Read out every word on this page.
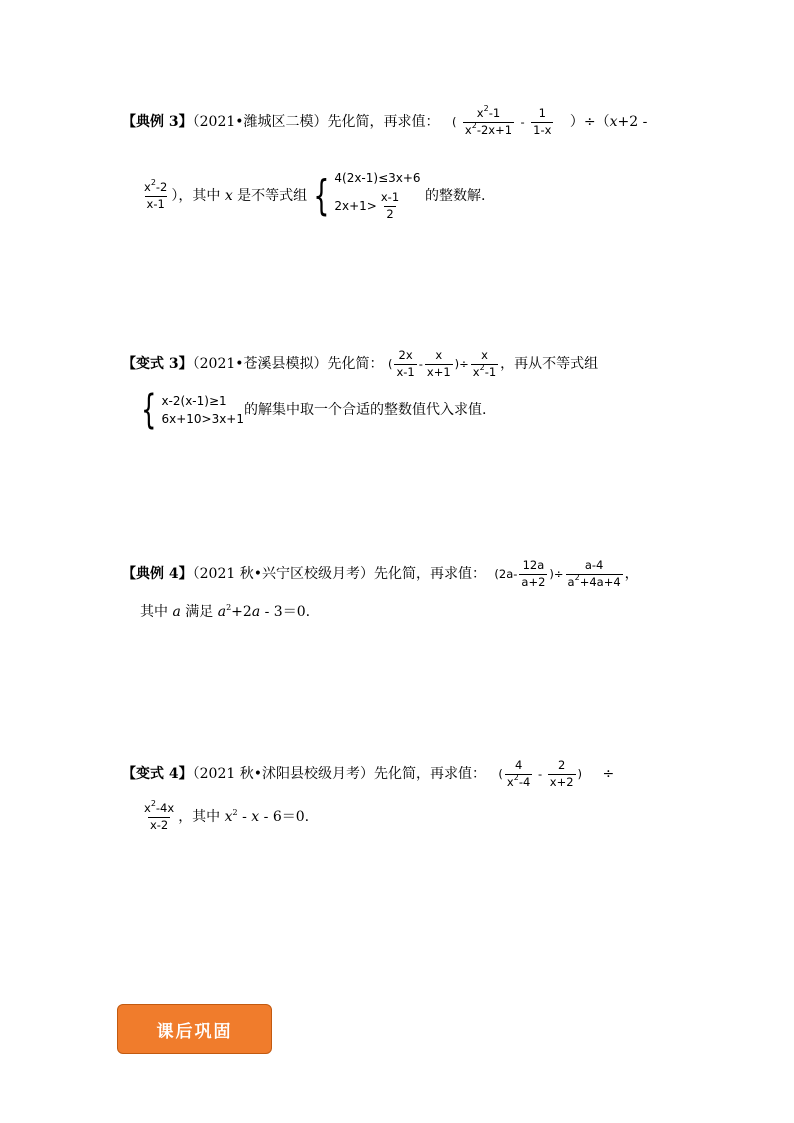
【典例 3】（2021•潍城区二模）先化简，再求值： ( $\frac{x^2-1}{x^2-2x+1} - \frac{1}{1-x} )\div(x+2$ -
$\frac{x^2-2}{x-1}$ ），其中 x 是不等式组 { 4(2x-1)≤3x+6
$2x+1> \frac{x-1}{2}$ 的整数解.
【变式 3】（2021•苍溪县模拟）先化简： ( $\frac{2x}{x-1} - \frac{x}{x+1}$ )÷ $\frac{x}{x^2-1}$ ，再从不等式组
{ x-2(x-1)≥1
6x+10>3x+1
的解集中取一个合适的整数值代入求值.
【典例 4】（2021 秋•兴宁区校级月考）先化简，再求值： ($2a- \frac{12a}{a+2}$ )÷ $\frac{a-4}{a^2+4a+4}$ ，
其中 a 满足 $a^2+2a - 3=0$.
【变式 4】（2021 秋•沭阳县校级月考）先化简，再求值： ( $\frac{4}{x^2-4} - \frac{2}{x+2}$ ) ÷
$\frac{x^2-4x}{x-2}$ ，其中 $x^2 - x - 6=0$.
课后巩固
